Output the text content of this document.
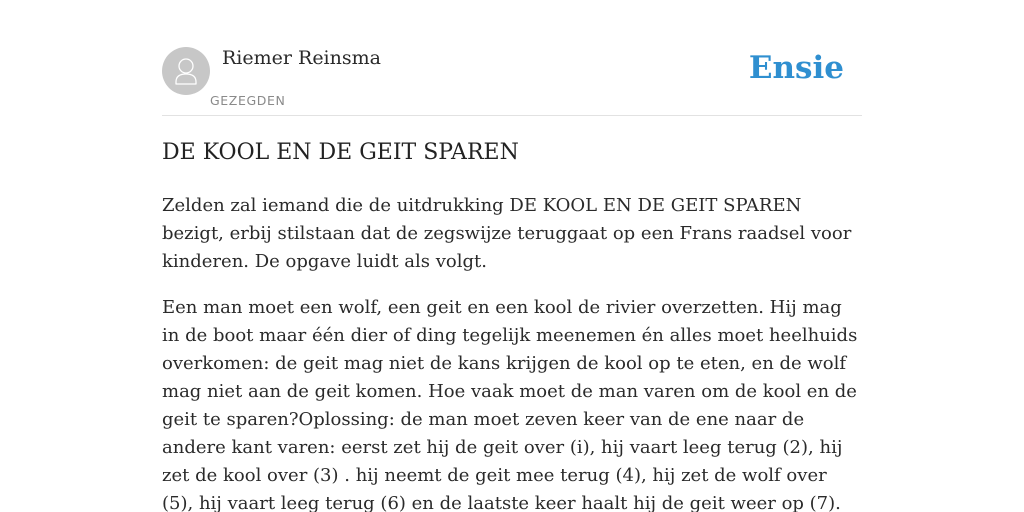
Riemer Reinsma
GEZEGDEN
Ensie
DE KOOL EN DE GEIT SPAREN

Zelden zal iemand die de uitdrukking DE KOOL EN DE GEIT SPAREN bezigt, erbij stilstaan dat de zegswijze teruggaat op een Frans raadsel voor kinderen. De opgave luidt als volgt.

Een man moet een wolf, een geit en een kool de rivier overzetten. Hij mag in de boot maar één dier of ding tegelijk meenemen én alles moet heelhuids overkomen: de geit mag niet de kans krijgen de kool op te eten, en de wolf mag niet aan de geit komen. Hoe vaak moet de man varen om de kool en de geit te sparen?Oplossing: de man moet zeven keer van de ene naar de andere kant varen: eerst zet hij de geit over (i), hij vaart leeg terug (2), hij zet de kool over (3) . hij neemt de geit mee terug (4), hij zet de wolf over (5), hij vaart leeg terug (6) en de laatste keer haalt hij de geit weer op (7).
